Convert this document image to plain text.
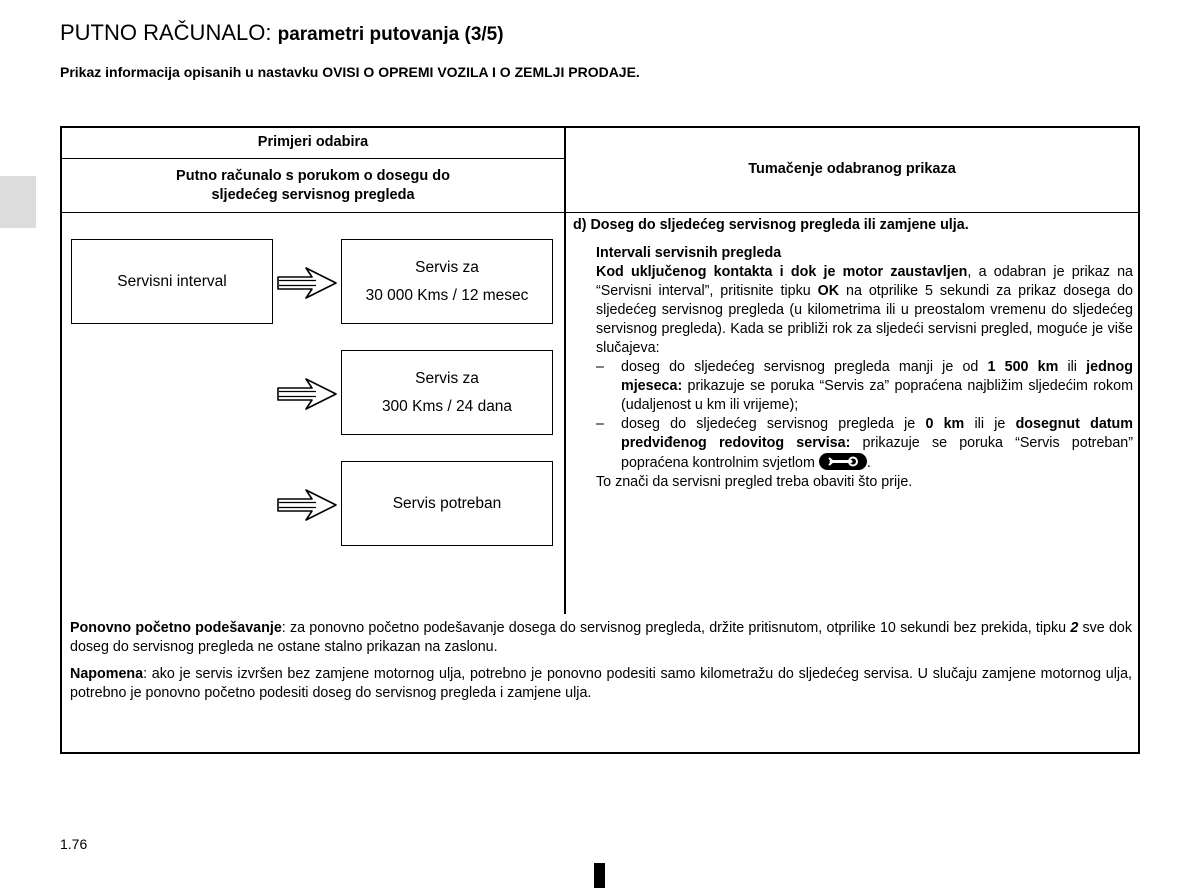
PUTNO RAČUNALO: parametri putovanja (3/5)
Prikaz informacija opisanih u nastavku OVISI O OPREMI VOZILA I O ZEMLJI PRODAJE.
Primjeri odabira
Putno računalo s porukom o dosegu do
sljedećeg servisnog pregleda
Tumačenje odabranog prikaza
Servisni interval
Servis za
30 000 Kms / 12 mesec
Servis za
300 Kms / 24 dana
Servis potreban
d) Doseg do sljedećeg servisnog pregleda ili zamjene ulja.
Intervali servisnih pregleda
Kod uključenog kontakta i dok je motor zaustavljen, a odabran je prikaz na “Servisni interval”, pritisnite tipku OK na otprilike 5 sekundi za prikaz dosega do sljedećeg servisnog pregleda (u kilometrima ili u preostalom vremenu do sljedećeg servisnog pregleda). Kada se približi rok za sljedeći servisni pregled, moguće je više slučajeva:
– doseg do sljedećeg servisnog pregleda manji je od 1 500 km ili jednog mjeseca: prikazuje se poruka “Servis za” popraćena najbližim sljedećim rokom (udaljenost u km ili vrijeme);
– doseg do sljedećeg servisnog pregleda je 0 km ili je dosegnut datum predviđenog redovitog servisa: prikazuje se poruka “Servis potreban” popraćena kontrolnim svjetlom	.
To znači da servisni pregled treba obaviti što prije.

Ponovno početno podešavanje: za ponovno početno podešavanje dosega do servisnog pregleda, držite pritisnutom, otprilike 10 sekundi bez prekida, tipku 2 sve dok doseg do servisnog pregleda ne ostane stalno prikazan na zaslonu.

Napomena: ako je servis izvršen bez zamjene motornog ulja, potrebno je ponovno podesiti samo kilometražu do sljedećeg servisa. U slučaju zamjene motornog ulja, potrebno je ponovno početno podesiti doseg do servisnog pregleda i zamjene ulja.

1.76
